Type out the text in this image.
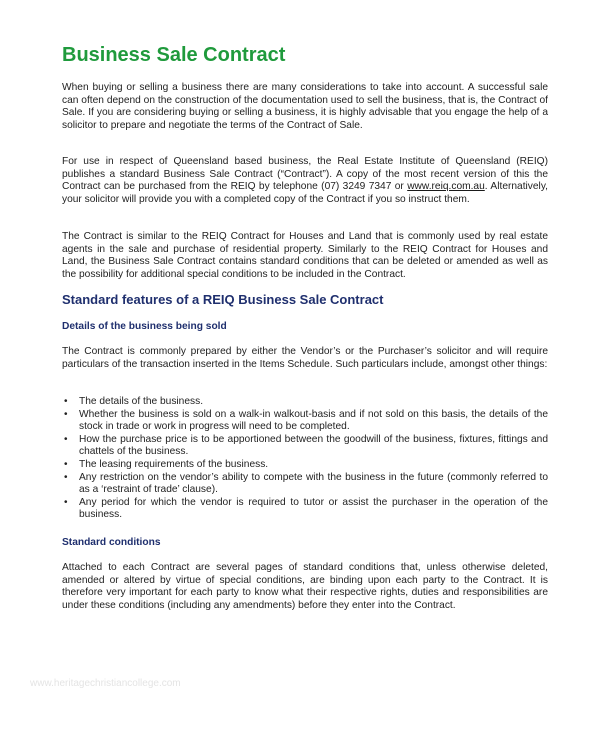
Business Sale Contract
When buying or selling a business there are many considerations to take into account. A successful sale can often depend on the construction of the documentation used to sell the business, that is, the Contract of Sale. If you are considering buying or selling a business, it is highly advisable that you engage the help of a solicitor to prepare and negotiate the terms of the Contract of Sale.
For use in respect of Queensland based business, the Real Estate Institute of Queensland (REIQ) publishes a standard Business Sale Contract (“Contract”). A copy of the most recent version of this the Contract can be purchased from the REIQ by telephone (07) 3249 7347 or www.reiq.com.au. Alternatively, your solicitor will provide you with a completed copy of the Contract if you so instruct them.
The Contract is similar to the REIQ Contract for Houses and Land that is commonly used by real estate agents in the sale and purchase of residential property. Similarly to the REIQ Contract for Houses and Land, the Business Sale Contract contains standard conditions that can be deleted or amended as well as the possibility for additional special conditions to be included in the Contract.
Standard features of a REIQ Business Sale Contract
Details of the business being sold
The Contract is commonly prepared by either the Vendor’s or the Purchaser’s solicitor and will require particulars of the transaction inserted in the Items Schedule. Such particulars include, amongst other things:
• The details of the business.
• Whether the business is sold on a walk-in walkout-basis and if not sold on this basis, the details of the stock in trade or work in progress will need to be completed.
• How the purchase price is to be apportioned between the goodwill of the business, fixtures, fittings and chattels of the business.
• The leasing requirements of the business.
• Any restriction on the vendor’s ability to compete with the business in the future (commonly referred to as a ‘restraint of trade’ clause).
• Any period for which the vendor is required to tutor or assist the purchaser in the operation of the business.
Standard conditions
Attached to each Contract are several pages of standard conditions that, unless otherwise deleted, amended or altered by virtue of special conditions, are binding upon each party to the Contract. It is therefore very important for each party to know what their respective rights, duties and responsibilities are under these conditions (including any amendments) before they enter into the Contract.
www.heritagechristiancollege.com
